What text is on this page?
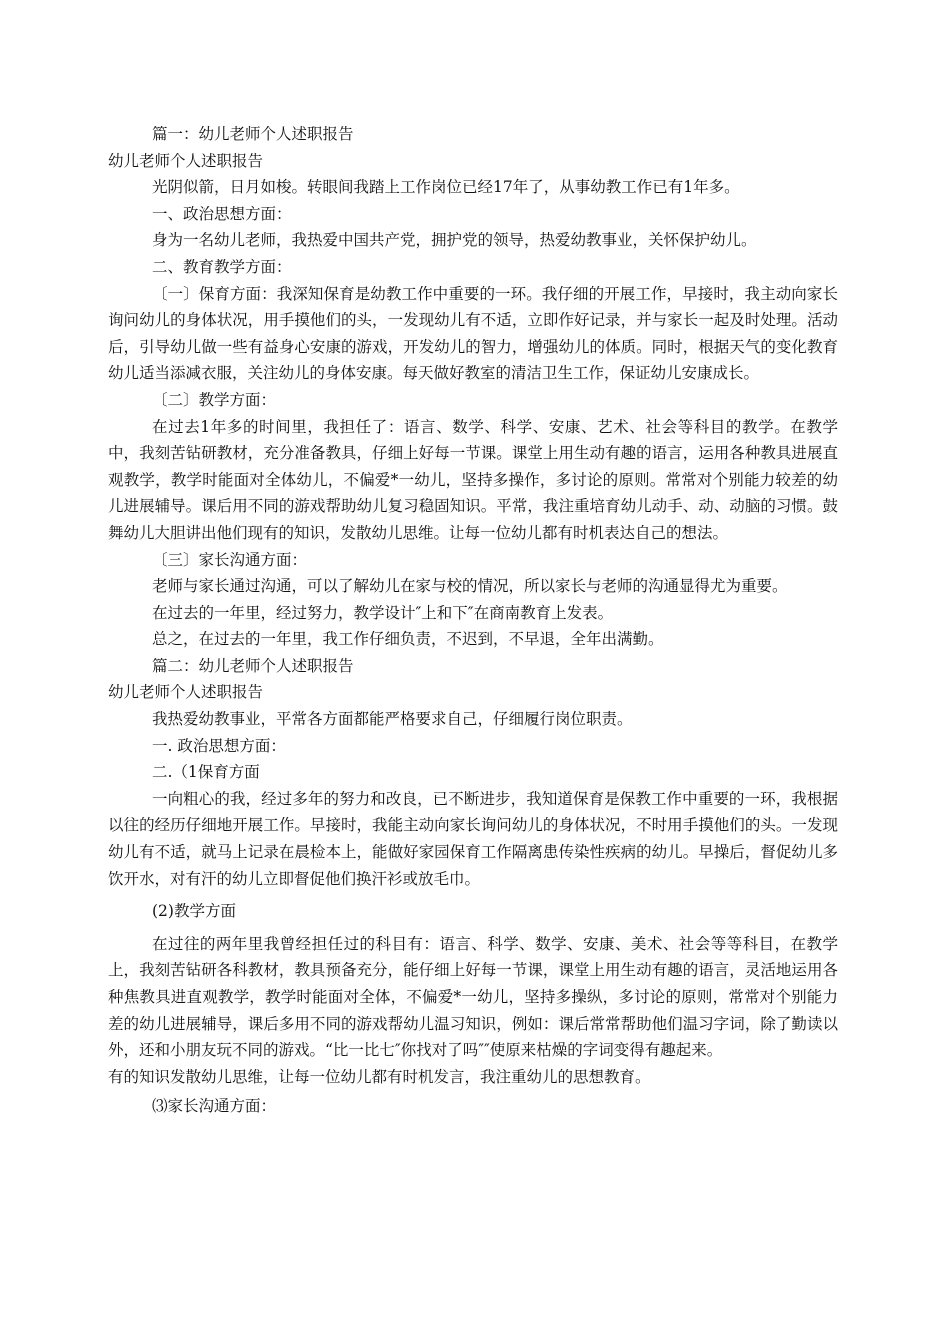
篇一：幼儿老师个人述职报告

幼儿老师个人述职报告

光阴似箭，日月如梭。转眼间我踏上工作岗位已经17年了，从事幼教工作已有1年多。

一、政治思想方面：

身为一名幼儿老师，我热爱中国共产党，拥护党的领导，热爱幼教事业，关怀保护幼儿。

二、教育教学方面：

〔一〕保育方面：我深知保育是幼教工作中重要的一环。我仔细的开展工作，早接时，我主动向家长询问幼儿的身体状况，用手摸他们的头，一发现幼儿有不适，立即作好记录，并与家长一起及时处理。活动后，引导幼儿做一些有益身心安康的游戏，开发幼儿的智力，增强幼儿的体质。同时，根据天气的变化教育幼儿适当添减衣服，关注幼儿的身体安康。每天做好教室的清洁卫生工作，保证幼儿安康成长。

〔二〕教学方面：

在过去1年多的时间里，我担任了：语言、数学、科学、安康、艺术、社会等科目的教学。在教学中，我刻苦钻研教材，充分准备教具，仔细上好每一节课。课堂上用生动有趣的语言，运用各种教具进展直观教学，教学时能面对全体幼儿，不偏爱*一幼儿，坚持多操作，多讨论的原则。常常对个别能力较差的幼儿进展辅导。课后用不同的游戏帮助幼儿复习稳固知识。平常，我注重培育幼儿动手、动、动脑的习惯。鼓舞幼儿大胆讲出他们现有的知识，发散幼儿思维。让每一位幼儿都有时机表达自己的想法。

〔三〕家长沟通方面：

老师与家长通过沟通，可以了解幼儿在家与校的情况，所以家长与老师的沟通显得尤为重要。

在过去的一年里，经过努力，教学设计″上和下″在商南教育上发表。

总之，在过去的一年里，我工作仔细负责，不迟到，不早退，全年出满勤。

篇二：幼儿老师个人述职报告

幼儿老师个人述职报告

我热爱幼教事业，平常各方面都能严格要求自己，仔细履行岗位职责。

一. 政治思想方面：

二.（1保育方面

一向粗心的我，经过多年的努力和改良，已不断进步，我知道保育是保教工作中重要的一环，我根据以往的经历仔细地开展工作。早接时，我能主动向家长询问幼儿的身体状况，不时用手摸他们的头。一发现幼儿有不适，就马上记录在晨检本上，能做好家园保育工作隔离患传染性疾病的幼儿。早操后，督促幼儿多饮开水，对有汗的幼儿立即督促他们换汗衫或放毛巾。

(2)教学方面

在过往的两年里我曾经担任过的科目有：语言、科学、数学、安康、美术、社会等等科目，在教学上，我刻苦钻研各科教材，教具预备充分，能仔细上好每一节课，课堂上用生动有趣的语言，灵活地运用各种焦教具进直观教学，教学时能面对全体，不偏爱*一幼儿，坚持多操纵，多讨论的原则，常常对个别能力差的幼儿进展辅导，课后多用不同的游戏帮幼儿温习知识，例如：课后常常帮助他们温习字词，除了勤读以外，还和小朋友玩不同的游戏。“比一比七″你找对了吗″″使原来枯燥的字词变得有趣起来。

有的知识发散幼儿思维，让每一位幼儿都有时机发言，我注重幼儿的思想教育。

⑶家长沟通方面：
